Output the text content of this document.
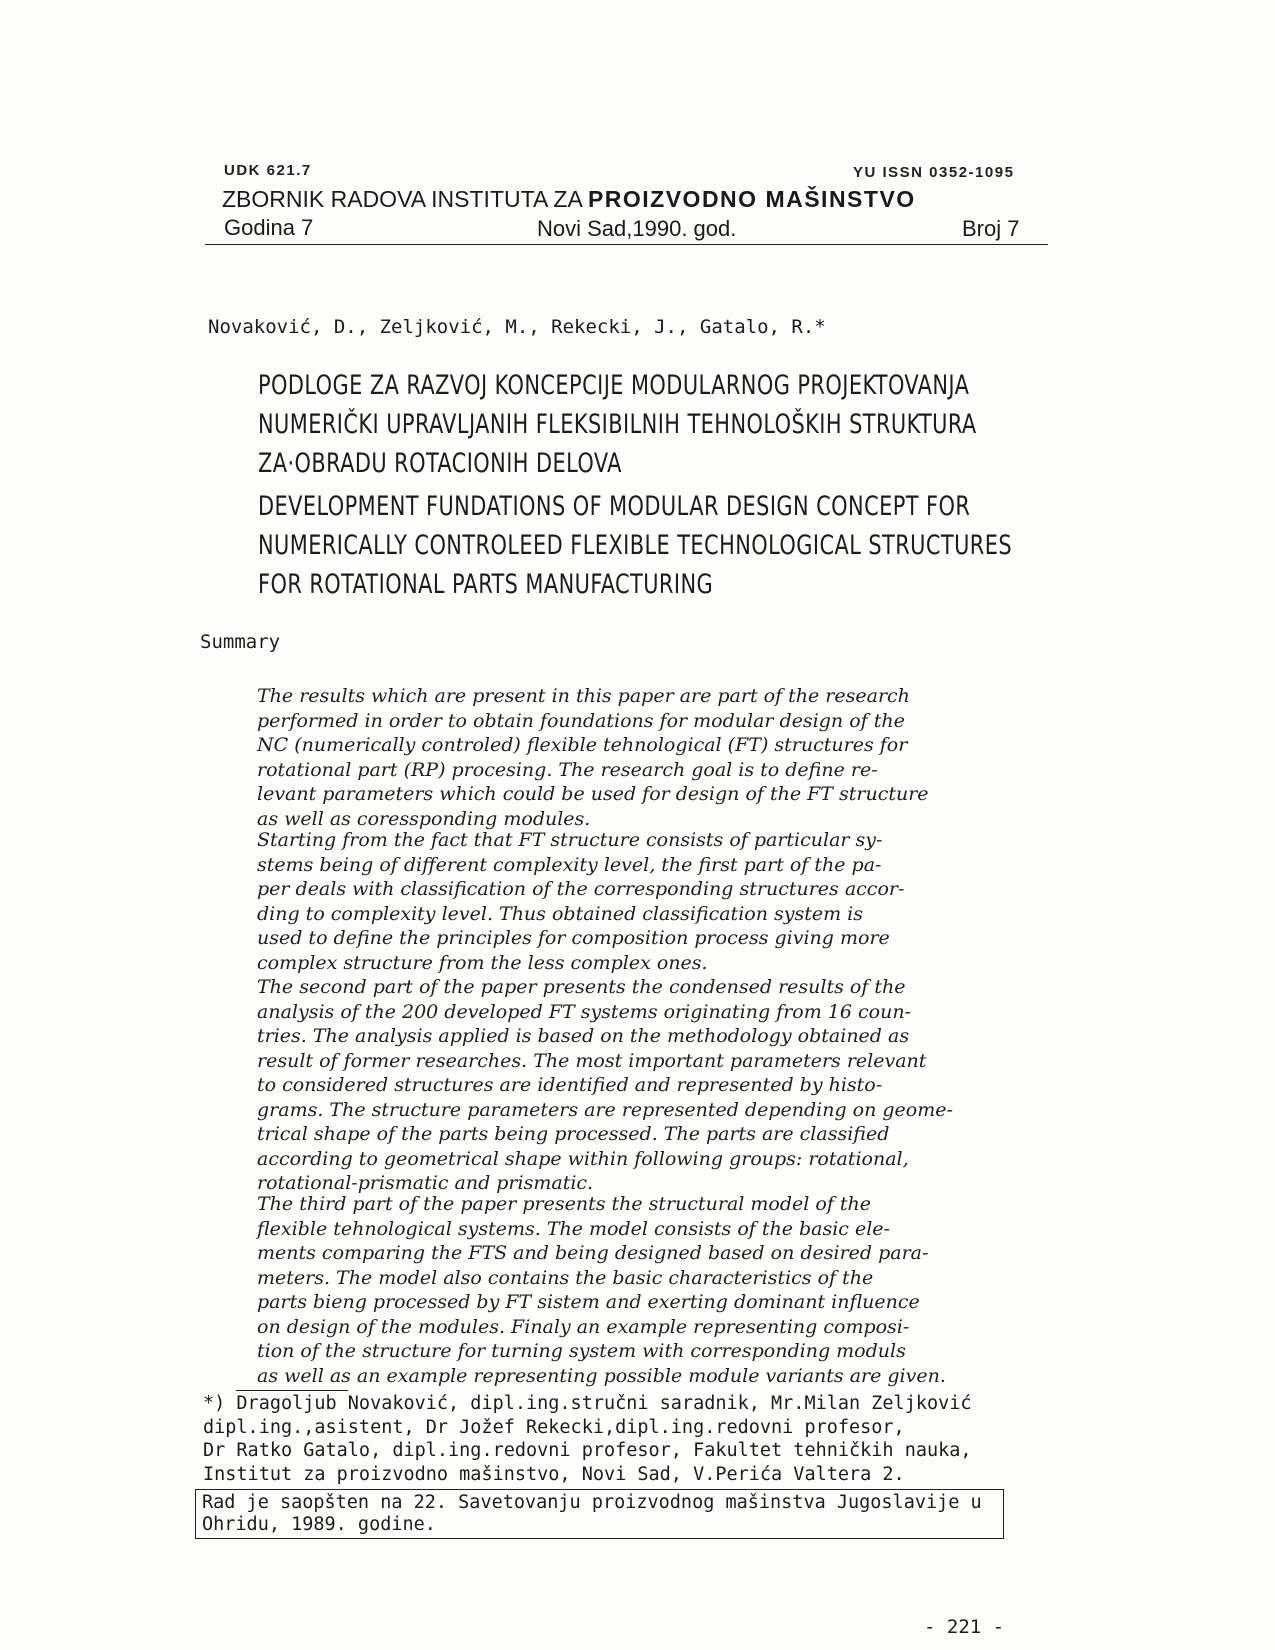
UDK 621.7	YU ISSN 0352-1095
ZBORNIK RADOVA INSTITUTA ZA PROIZVODNO MAŠINSTVO
Godina 7	Novi Sad,1990. god.	Broj 7
Novaković, D., Zeljković, M., Rekecki, J., Gatalo, R.*
PODLOGE ZA RAZVOJ KONCEPCIJE MODULARNOG PROJEKTOVANJA
NUMERIČKI UPRAVLJANIH FLEKSIBILNIH TEHNOLOŠKIH STRUKTURA
ZA·OBRADU ROTACIONIH DELOVA
DEVELOPMENT FUNDATIONS OF MODULAR DESIGN CONCEPT FOR
NUMERICALLY CONTROLEED FLEXIBLE TECHNOLOGICAL STRUCTURES
FOR ROTATIONAL PARTS MANUFACTURING
Summary
The results which are present in this paper are part of the research
performed in order to obtain foundations for modular design of the
NC (numerically controled) flexible tehnological (FT) structures for
rotational part (RP) procesing. The research goal is to define re-
levant parameters which could be used for design of the FT structure
as well as coressponding modules.
Starting from the fact that FT structure consists of particular sy-
stems being of different complexity level, the first part of the pa-
per deals with classification of the corresponding structures accor-
ding to complexity level. Thus obtained classification system is
used to define the principles for composition process giving more
complex structure from the less complex ones.
The second part of the paper presents the condensed results of the
analysis of the 200 developed FT systems originating from 16 coun-
tries. The analysis applied is based on the methodology obtained as
result of former researches. The most important parameters relevant
to considered structures are identified and represented by histo-
grams. The structure parameters are represented depending on geome-
trical shape of the parts being processed. The parts are classified
according to geometrical shape within following groups: rotational,
rotational-prismatic and prismatic.
The third part of the paper presents the structural model of the
flexible tehnological systems. The model consists of the basic ele-
ments comparing the FTS and being designed based on desired para-
meters. The model also contains the basic characteristics of the
parts bieng processed by FT sistem and exerting dominant influence
on design of the modules. Finaly an example representing composi-
tion of the structure for turning system with corresponding moduls
as well as an example representing possible module variants are given.
*) Dragoljub Novaković, dipl.ing.stručni saradnik, Mr.Milan Zeljković
dipl.ing.,asistent, Dr Jožef Rekecki,dipl.ing.redovni profesor,
Dr Ratko Gatalo, dipl.ing.redovni profesor, Fakultet tehničkih nauka,
Institut za proizvodno mašinstvo, Novi Sad, V.Perića Valtera 2.
Rad je saopšten na 22. Savetovanju proizvodnog mašinstva Jugoslavije u
Ohridu, 1989. godine.
- 221 -
